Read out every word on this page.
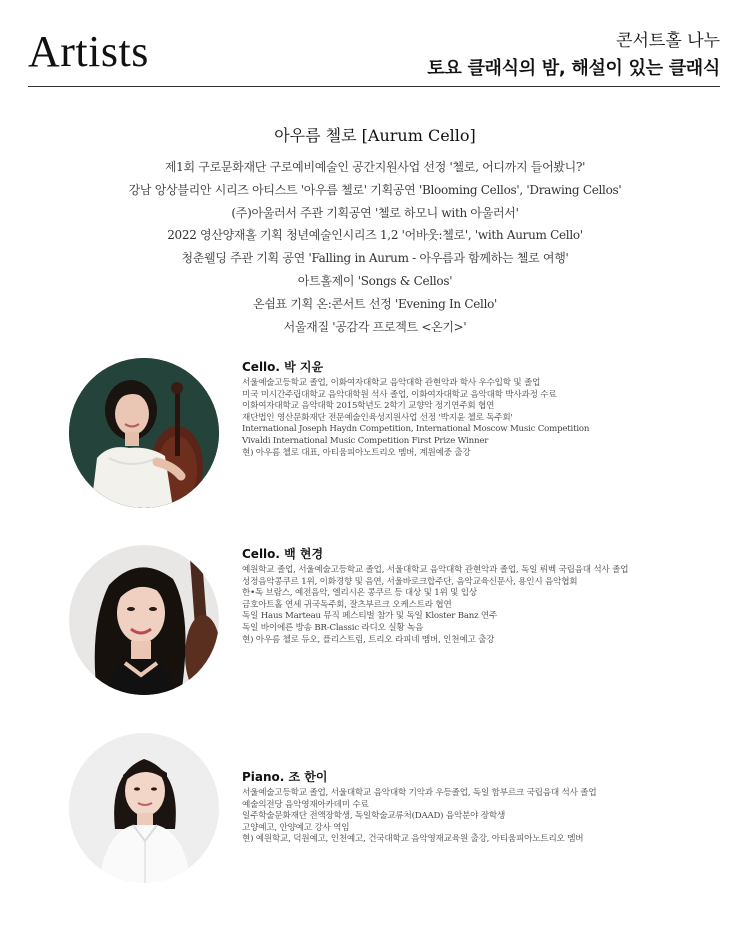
Artists	콘서트홀 나누
토요 클래식의 밤, 해설이 있는 클래식
아우름 첼로 [Aurum Cello]
제1회 구로문화재단 구로예비예술인 공간지원사업 선정 '첼로, 어디까지 들어봤니?'
강남 앙상블리안 시리즈 아티스트 '아우름 첼로' 기획공연 'Blooming Cellos', 'Drawing Cellos'
(주)아울러서 주관 기획공연 '첼로 하모니 with 아울러서'
2022 영산양재홀 기획 청년예술인시리즈 1,2 '어바웃:첼로', 'with Aurum Cello'
청춘웰딩 주관 기획 공연 'Falling in Aurum - 아우름과 함께하는 첼로 여행'
아트홀제이 'Songs & Cellos'
온쉼표 기획 온:콘서트 선정 'Evening In Cello'
서울재질 '공감각 프로젝트 <온기>'
Cello. 박 지윤
서울예술고등학교 졸업, 이화여자대학교 음악대학 관현악과 학사 우수입학 및 졸업
미국 미시간주립대학교 음악대학원 석사 졸업, 이화여자대학교 음악대학 박사과정 수료
이화여자대학교 음악대학 2015학년도 2학기 교향악 정기연주회 협연
재단법인 영산문화재단 전문예술인육성지원사업 선정 '박지윤 첼로 독주회'
International Joseph Haydn Competition, International Moscow Music Competition
Vivaldi International Music Competition First Prize Winner
현) 아우름 첼로 대표, 아티움피아노트리오 멤버, 계원예중 출강
Cello. 백 현경
예원학교 졸업, 서울예술고등학교 졸업, 서울대학교 음악대학 관현악과 졸업, 독일 뤼벡 국립음대 석사 졸업
성정음악콩쿠르 1위, 이화경향 및 음연, 서울바로크합주단, 음악교육신문사, 용인시 음악협회
한•독 브람스, 예전음악, 엘리시온 콩쿠르 등 대상 및 1위 및 입상
금호아트홀 연세 귀국독주회, 잘츠부르크 오케스트라 협연
독일 Haus Marteau 뮤직 페스티벌 참가 및 독일 Kloster Banz 연주
독일 바이에른 방송 BR-Classic 라디오 실황 녹음
현) 아우름 첼로 듀오, 플리스트림, 트리오 라피네 멤버, 인천예고 출강
Piano. 조 한이
서울예술고등학교 졸업, 서울대학교 음악대학 기악과 우등졸업, 독일 함부르크 국립음대 석사 졸업
예술의전당 음악영재아카데미 수료
일주학술문화재단 전액장학생, 독일학술교류처(DAAD) 음악분야 장학생
고양예고, 안양예고 강사 역임
현) 예원학교, 덕원예고, 인천예고, 건국대학교 음악영재교육원 출강, 아티움피아노트리오 멤버
